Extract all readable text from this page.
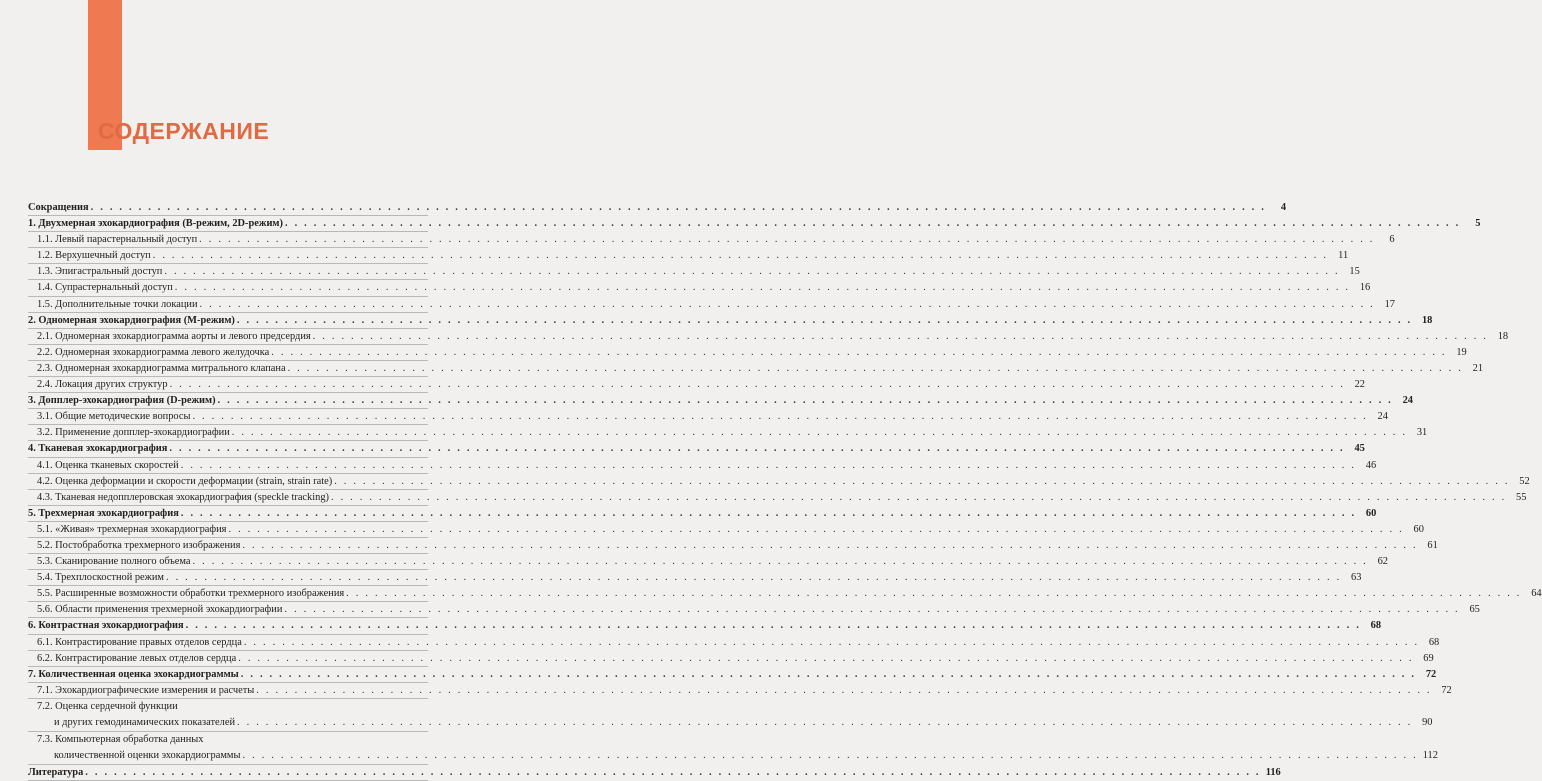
СОДЕРЖАНИЕ
Сокращения . . .	4
1. Двухмерная эхокардиография (В-режим, 2D-режим) . . .	5
1.1. Левый парастернальный доступ . . .	6
1.2. Верхушечный доступ . . .	11
1.3. Эпигастральный доступ . . .	15
1.4. Супрастернальный доступ . . .	16
1.5. Дополнительные точки локации . . .	17
2. Одномерная эхокардиография (М-режим) . . .	18
2.1. Одномерная эхокардиограмма аорты и левого предсердия . . .	18
2.2. Одномерная эхокардиограмма левого желудочка . . .	19
2.3. Одномерная эхокардиограмма митрального клапана . . .	21
2.4. Локация других структур . . .	22
3. Допплер-эхокардиография (D-режим) . . .	24
3.1. Общие методические вопросы . . .	24
3.2. Применение допплер-эхокардиографии . . .	31
4. Тканевая эхокардиография . . .	45
4.1. Оценка тканевых скоростей . . .	46
4.2. Оценка деформации и скорости деформации (strain, strain rate) . . .	52
4.3. Тканевая недопплеровская эхокардиография (speckle tracking) . . .	55
5. Трехмерная эхокардиография . . .	60
5.1. «Живая» трехмерная эхокардиография . . .	60
5.2. Постобработка трехмерного изображения . . .	61
5.3. Сканирование полного объема . . .	62
5.4. Трехплоскостной режим . . .	63
5.5. Расширенные возможности обработки трехмерного изображения . . .	64
5.6. Области применения трехмерной эхокардиографии . . .	65
6. Контрастная эхокардиография . . .	68
6.1. Контрастирование правых отделов сердца . . .	68
6.2. Контрастирование левых отделов сердца . . .	69
7. Количественная оценка эхокардиограммы . . .	72
7.1. Эхокардиографические измерения и расчеты . . .	72
7.2. Оценка сердечной функции
и других гемодинамических показателей . . .	90
7.3. Компьютерная обработка данных
количественной оценки эхокардиограммы . . .	112
Литература . . .	116
